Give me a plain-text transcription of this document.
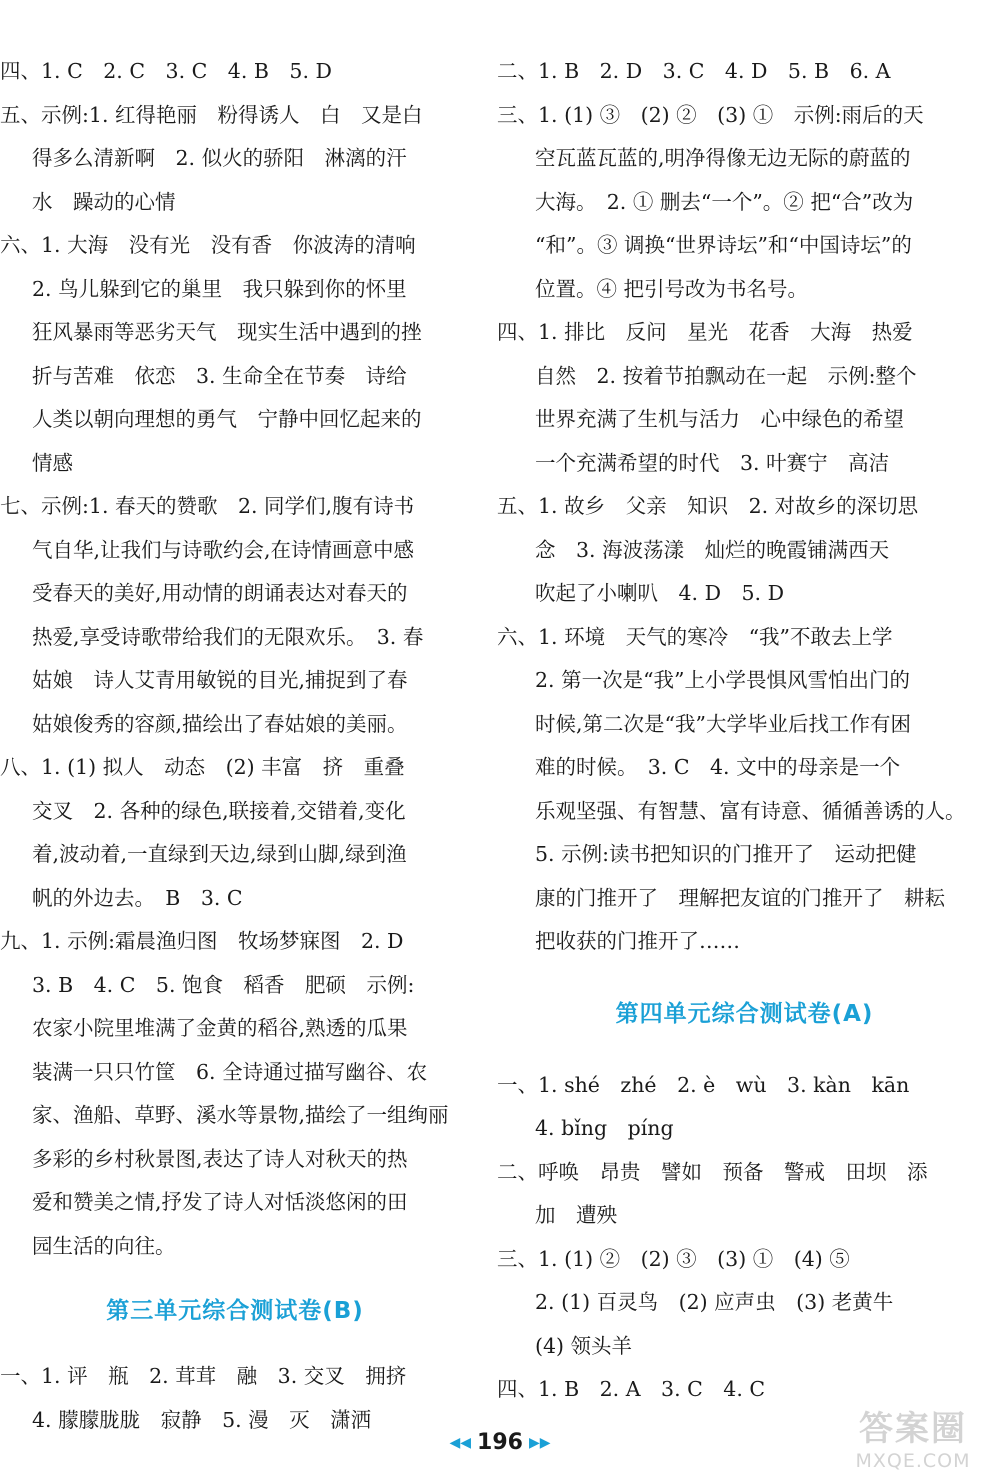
四、1. C　2. C　3. C　4. B　5. D
五、示例:1. 红得艳丽　粉得诱人　白　又是白
得多么清新啊　2. 似火的骄阳　淋漓的汗
水　躁动的心情
六、1. 大海　没有光　没有香　你波涛的清响
2. 鸟儿躲到它的巢里　我只躲到你的怀里
狂风暴雨等恶劣天气　现实生活中遇到的挫
折与苦难　依恋　3. 生命全在节奏　诗给
人类以朝向理想的勇气　宁静中回忆起来的
情感
七、示例:1. 春天的赞歌　2. 同学们,腹有诗书
气自华,让我们与诗歌约会,在诗情画意中感
受春天的美好,用动情的朗诵表达对春天的
热爱,享受诗歌带给我们的无限欢乐。　3. 春
姑娘　诗人艾青用敏锐的目光,捕捉到了春
姑娘俊秀的容颜,描绘出了春姑娘的美丽。
八、1. (1) 拟人　动态　(2) 丰富　挤　重叠
交叉　2. 各种的绿色,联接着,交错着,变化
着,波动着,一直绿到天边,绿到山脚,绿到渔
帆的外边去。　B　3. C
九、1. 示例:霜晨渔归图　牧场梦寐图　2. D
3. B　4. C　5. 饱食　稻香　肥硕　示例:
农家小院里堆满了金黄的稻谷,熟透的瓜果
装满一只只竹筐　6. 全诗通过描写幽谷、农
家、渔船、草野、溪水等景物,描绘了一组绚丽
多彩的乡村秋景图,表达了诗人对秋天的热
爱和赞美之情,抒发了诗人对恬淡悠闲的田
园生活的向往。
第三单元综合测试卷(B)
一、1. 评　瓶　2. 茸茸　融　3. 交叉　拥挤
4. 朦朦胧胧　寂静　5. 漫　灭　潇洒
二、1. B　2. D　3. C　4. D　5. B　6. A
三、1. (1) ③　(2) ②　(3) ①　示例:雨后的天
空瓦蓝瓦蓝的,明净得像无边无际的蔚蓝的
大海。　2. ① 删去“一个”。② 把“合”改为
“和”。③ 调换“世界诗坛”和“中国诗坛”的
位置。④ 把引号改为书名号。
四、1. 排比　反问　星光　花香　大海　热爱
自然　2. 按着节拍飘动在一起　示例:整个
世界充满了生机与活力　心中绿色的希望
一个充满希望的时代　3. 叶赛宁　高洁
五、1. 故乡　父亲　知识　2. 对故乡的深切思
念　3. 海波荡漾　灿烂的晚霞铺满西天
吹起了小喇叭　4. D　5. D
六、1. 环境　天气的寒冷　“我”不敢去上学
2. 第一次是“我”上小学畏惧风雪怕出门的
时候,第二次是“我”大学毕业后找工作有困
难的时候。　3. C　4. 文中的母亲是一个
乐观坚强、有智慧、富有诗意、循循善诱的人。
5. 示例:读书把知识的门推开了　运动把健
康的门推开了　理解把友谊的门推开了　耕耘
把收获的门推开了……
第四单元综合测试卷(A)
一、1. shé　zhé　2. è　wù　3. kàn　kān
4. bǐng　píng
二、呼唤　昂贵　譬如　预备　警戒　田坝　添
加　遭殃
三、1. (1) ②　(2) ③　(3) ①　(4) ⑤
2. (1) 百灵鸟　(2) 应声虫　(3) 老黄牛
(4) 领头羊
四、1. B　2. A　3. C　4. C
◀◀ 196 ▶▶	答案圈
MXQE.COM
